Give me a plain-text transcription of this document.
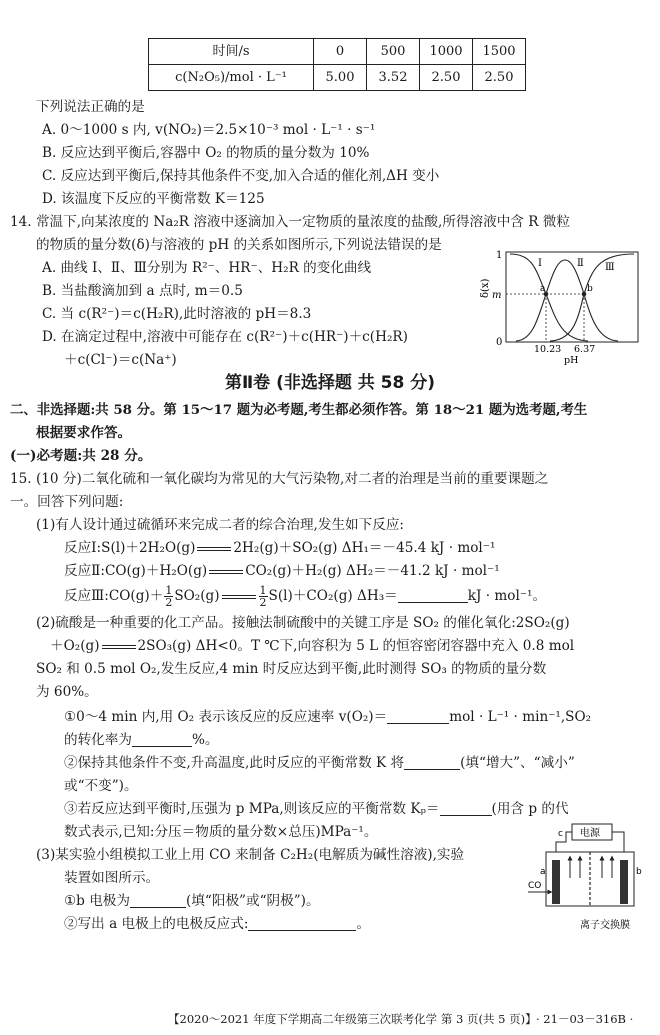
时间/s	0	500	1000	1500
c(N₂O₅)/mol · L⁻¹	5.00	3.52	2.50	2.50
下列说法正确的是
A. 0～1000 s 内, v(NO₂)＝2.5×10⁻³ mol · L⁻¹ · s⁻¹
B. 反应达到平衡后,容器中 O₂ 的物质的量分数为 10%
C. 反应达到平衡后,保持其他条件不变,加入合适的催化剂,ΔH 变小
D. 该温度下反应的平衡常数 K＝125
14. 常温下,向某浓度的 Na₂R 溶液中逐滴加入一定物质的量浓度的盐酸,所得溶液中含 R 微粒
的物质的量分数(δ)与溶液的 pH 的关系如图所示,下列说法错误的是
A. 曲线 Ⅰ、Ⅱ、Ⅲ分别为 R²⁻、HR⁻、H₂R 的变化曲线
B. 当盐酸滴加到 a 点时, m＝0.5
C. 当 c(R²⁻)＝c(H₂R),此时溶液的 pH＝8.3
D. 在滴定过程中,溶液中可能存在 c(R²⁻)＋c(HR⁻)＋c(H₂R)
＋c(Cl⁻)＝c(Na⁺)
δ(x)
1
m
0
a	b
Ⅰ	Ⅱ Ⅲ
10.23 6.37
pH
第Ⅱ卷 (非选择题 共 58 分)
二、非选择题:共 58 分。第 15～17 题为必考题,考生都必须作答。第 18～21 题为选考题,考生
根据要求作答。
(一)必考题:共 28 分。
15. (10 分)二氧化硫和一氧化碳均为常见的大气污染物,对二者的治理是当前的重要课题之
一。回答下列问题:
(1)有人设计通过硫循环来完成二者的综合治理,发生如下反应:
反应Ⅰ:S(l)＋2H₂O(g)	2H₂(g)＋SO₂(g) ΔH₁＝－45.4 kJ · mol⁻¹
反应Ⅱ:CO(g)＋H₂O(g)	CO₂(g)＋H₂(g) ΔH₂＝－41.2 kJ · mol⁻¹
反应Ⅲ:CO(g)＋ $\frac{1}{2} SO_2(g)$	$\frac{1}{2} S(l)+CO_2(g)$ ΔH₃＝	kJ · mol⁻¹。
(2)硫酸是一种重要的化工产品。接触法制硫酸中的关键工序是 SO₂ 的催化氧化:2SO₂(g)
＋O₂(g)	2SO₃(g) ΔH<0。T ℃下,向容积为 5 L 的恒容密闭容器中充入 0.8 mol
SO₂ 和 0.5 mol O₂,发生反应,4 min 时反应达到平衡,此时测得 SO₃ 的物质的量分数
为 60%。
①0～4 min 内,用 O₂ 表示该反应的反应速率 v(O₂)＝	mol · L⁻¹ · min⁻¹,SO₂
的转化率为	%。
②保持其他条件不变,升高温度,此时反应的平衡常数 K 将	(填“增大”、“减小”
或“不变”)。
③若反应达到平衡时,压强为 p MPa,则该反应的平衡常数 Kₚ＝	(用含 p 的代
数式表示,已知:分压＝物质的量分数×总压)MPa⁻¹。
(3)某实验小组模拟工业上用 CO 来制备 C₂H₂(电解质为碱性溶液),实验
装置如图所示。
①b 电极为	(填“阳极”或“阴极”)。
②写出 a 电极上的电极反应式:	。
电源
c
a	b
CO
离子交换膜
【2020～2021 年度下学期高二年级第三次联考化学 第 3 页(共 5 页)】 · 21－03－316B ·
